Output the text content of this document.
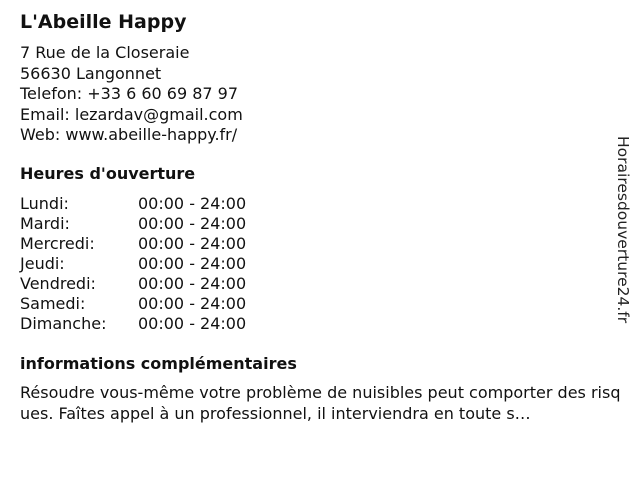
L'Abeille Happy
7 Rue de la Closeraie
56630 Langonnet
Telefon: +33 6 60 69 87 97
Email: lezardav@gmail.com
Web: www.abeille-happy.fr/
Heures d'ouverture
Lundi:	00:00 - 24:00
Mardi:	00:00 - 24:00
Mercredi:	00:00 - 24:00
Jeudi:	00:00 - 24:00
Vendredi:	00:00 - 24:00
Samedi:	00:00 - 24:00
Dimanche: 00:00 - 24:00
informations complémentaires
Résoudre vous-même votre problème de nuisibles peut comporter des risques. Faîtes appel à un professionnel, il interviendra en toute s…
Horairesdouverture24.fr
